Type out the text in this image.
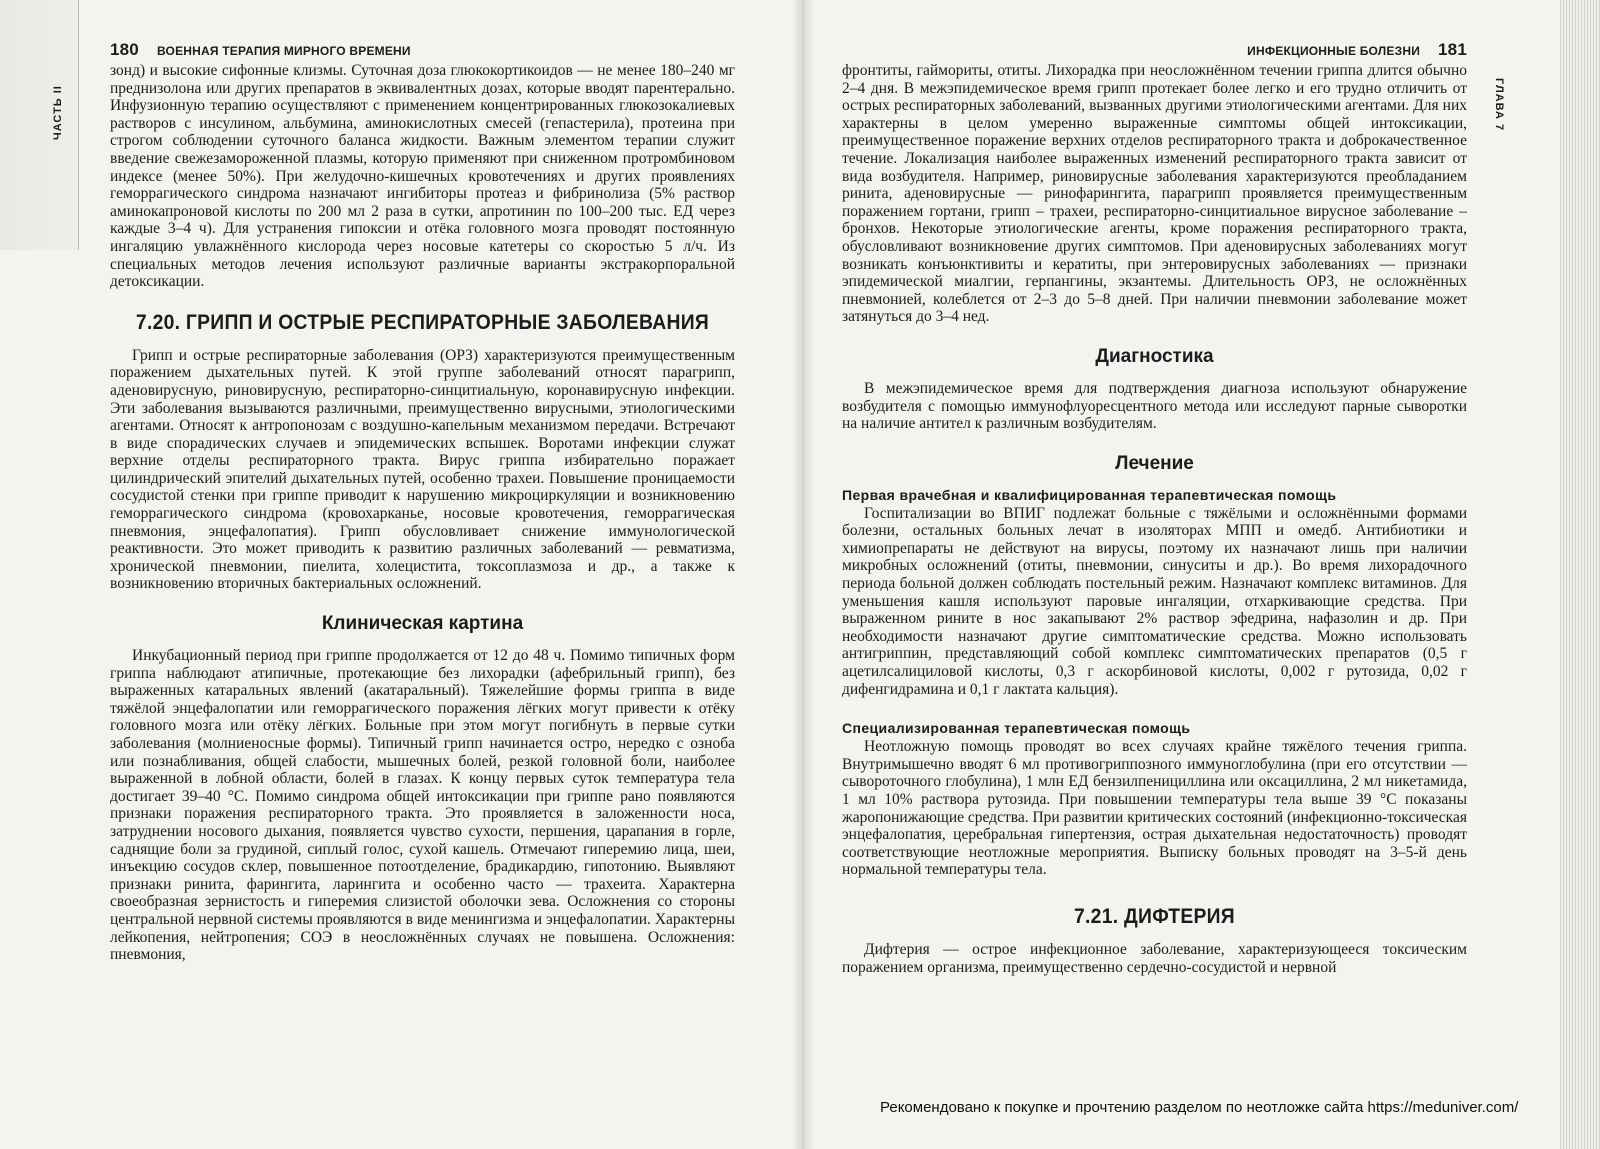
ЧАСТЬ II	ГЛАВА 7
180 ВОЕННАЯ ТЕРАПИЯ МИРНОГО ВРЕМЕНИ

зонд) и высокие сифонные клизмы. Суточная доза глюкокортикоидов — не менее 180–240 мг преднизолона или других препаратов в эквивалентных дозах, которые вводят парентерально. Инфузионную терапию осуществляют с применением концентрированных глюкозокалиевых растворов с инсулином, альбумина, аминокислотных смесей (гепастерила), протеина при строгом соблюдении суточного баланса жидкости. Важным элементом терапии служит введение свежезамороженной плазмы, которую применяют при сниженном протромбиновом индексе (менее 50%). При желудочно-кишечных кровотечениях и других проявлениях геморрагического синдрома назначают ингибиторы протеаз и фибринолиза (5% раствор аминокапроновой кислоты по 200 мл 2 раза в сутки, апротинин по 100–200 тыс. ЕД через каждые 3–4 ч). Для устранения гипоксии и отёка головного мозга проводят постоянную ингаляцию увлажнённого кислорода через носовые катетеры со скоростью 5 л/ч. Из специальных методов лечения используют различные варианты экстракорпоральной детоксикации.

7.20. ГРИПП И ОСТРЫЕ РЕСПИРАТОРНЫЕ ЗАБОЛЕВАНИЯ

Грипп и острые респираторные заболевания (ОРЗ) характеризуются преимущественным поражением дыхательных путей. К этой группе заболеваний относят парагрипп, аденовирусную, риновирусную, респираторно-синцитиальную, коронавирусную инфекции. Эти заболевания вызываются различными, преимущественно вирусными, этиологическими агентами. Относят к антропонозам с воздушно-капельным механизмом передачи. Встречают в виде спорадических случаев и эпидемических вспышек. Воротами инфекции служат верхние отделы респираторного тракта. Вирус гриппа избирательно поражает цилиндрический эпителий дыхательных путей, особенно трахеи. Повышение проницаемости сосудистой стенки при гриппе приводит к нарушению микроциркуляции и возникновению геморрагического синдрома (кровохарканье, носовые кровотечения, геморрагическая пневмония, энцефалопатия). Грипп обусловливает снижение иммунологической реактивности. Это может приводить к развитию различных заболеваний — ревматизма, хронической пневмонии, пиелита, холецистита, токсоплазмоза и др., а также к возникновению вторичных бактериальных осложнений.

Клиническая картина

Инкубационный период при гриппе продолжается от 12 до 48 ч. Помимо типичных форм гриппа наблюдают атипичные, протекающие без лихорадки (афебрильный грипп), без выраженных катаральных явлений (акатаральный). Тяжелейшие формы гриппа в виде тяжёлой энцефалопатии или геморрагического поражения лёгких могут привести к отёку головного мозга или отёку лёгких. Больные при этом могут погибнуть в первые сутки заболевания (молниеносные формы). Типичный грипп начинается остро, нередко с озноба или познабливания, общей слабости, мышечных болей, резкой головной боли, наиболее выраженной в лобной области, болей в глазах. К концу первых суток температура тела достигает 39–40 °С. Помимо синдрома общей интоксикации при гриппе рано появляются признаки поражения респираторного тракта. Это проявляется в заложенности носа, затруднении носового дыхания, появляется чувство сухости, першения, царапания в горле, саднящие боли за грудиной, сиплый голос, сухой кашель. Отмечают гиперемию лица, шеи, инъекцию сосудов склер, повышенное потоотделение, брадикардию, гипотонию. Выявляют признаки ринита, фарингита, ларингита и особенно часто — трахеита. Характерна своеобразная зернистость и гиперемия слизистой оболочки зева. Осложнения со стороны центральной нервной системы проявляются в виде менингизма и энцефалопатии. Характерны лейкопения, нейтропения; СОЭ в неосложнённых случаях не повышена. Осложнения: пневмония,

ИНФЕКЦИОННЫЕ БОЛЕЗНИ 181

фронтиты, гаймориты, отиты. Лихорадка при неосложнённом течении гриппа длится обычно 2–4 дня. В межэпидемическое время грипп протекает более легко и его трудно отличить от острых респираторных заболеваний, вызванных другими этиологическими агентами. Для них характерны в целом умеренно выраженные симптомы общей интоксикации, преимущественное поражение верхних отделов респираторного тракта и доброкачественное течение. Локализация наиболее выраженных изменений респираторного тракта зависит от вида возбудителя. Например, риновирусные заболевания характеризуются преобладанием ринита, аденовирусные — ринофарингита, парагрипп проявляется преимущественным поражением гортани, грипп – трахеи, респираторно-синцитиальное вирусное заболевание – бронхов. Некоторые этиологические агенты, кроме поражения респираторного тракта, обусловливают возникновение других симптомов. При аденовирусных заболеваниях могут возникать конъюнктивиты и кератиты, при энтеровирусных заболеваниях — признаки эпидемической миалгии, герпангины, экзантемы. Длительность ОРЗ, не осложнённых пневмонией, колеблется от 2–3 до 5–8 дней. При наличии пневмонии заболевание может затянуться до 3–4 нед.

Диагностика

В межэпидемическое время для подтверждения диагноза используют обнаружение возбудителя с помощью иммунофлуоресцентного метода или исследуют парные сыворотки на наличие антител к различным возбудителям.

Лечение
Первая врачебная и квалифицированная терапевтическая помощь

Госпитализации во ВПИГ подлежат больные с тяжёлыми и осложнёнными формами болезни, остальных больных лечат в изоляторах МПП и омедб. Антибиотики и химиопрепараты не действуют на вирусы, поэтому их назначают лишь при наличии микробных осложнений (отиты, пневмонии, синуситы и др.). Во время лихорадочного периода больной должен соблюдать постельный режим. Назначают комплекс витаминов. Для уменьшения кашля используют паровые ингаляции, отхаркивающие средства. При выраженном рините в нос закапывают 2% раствор эфедрина, нафазолин и др. При необходимости назначают другие симптоматические средства. Можно использовать антигриппин, представляющий собой комплекс симптоматических препаратов (0,5 г ацетилсалициловой кислоты, 0,3 г аскорбиновой кислоты, 0,002 г рутозида, 0,02 г дифенгидрамина и 0,1 г лактата кальция).

Специализированная терапевтическая помощь

Неотложную помощь проводят во всех случаях крайне тяжёлого течения гриппа. Внутримышечно вводят 6 мл противогриппозного иммуноглобулина (при его отсутствии — сывороточного глобулина), 1 млн ЕД бензилпенициллина или оксациллина, 2 мл никетамида, 1 мл 10% раствора рутозида. При повышении температуры тела выше 39 °С показаны жаропонижающие средства. При развитии критических состояний (инфекционно-токсическая энцефалопатия, церебральная гипертензия, острая дыхательная недостаточность) проводят соответствующие неотложные мероприятия. Выписку больных проводят на 3–5-й день нормальной температуры тела.

7.21. ДИФТЕРИЯ

Дифтерия — острое инфекционное заболевание, характеризующееся токсическим поражением организма, преимущественно сердечно-сосудистой и нервной

Рекомендовано к покупке и прочтению разделом по неотложке сайта https://meduniver.com/
